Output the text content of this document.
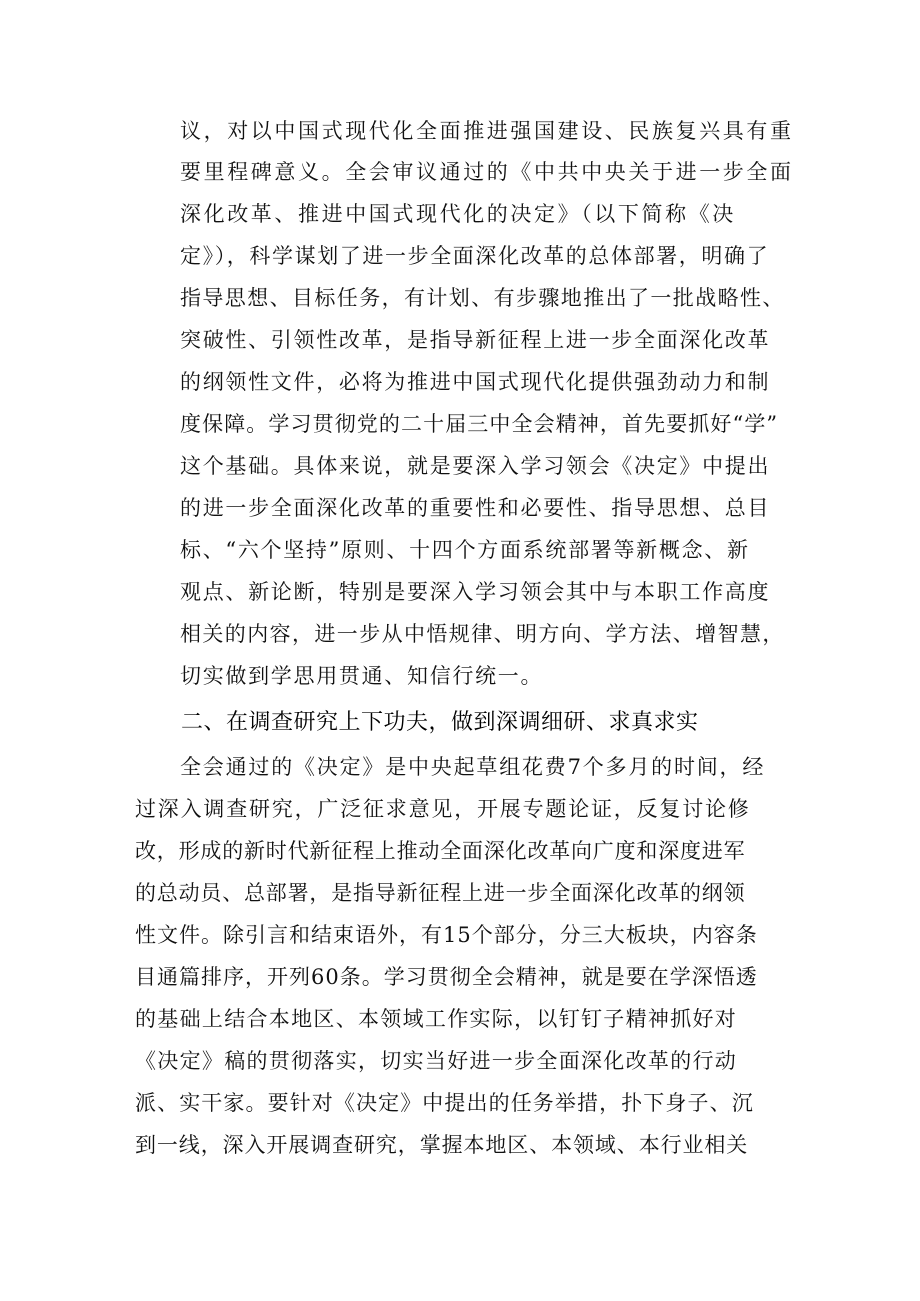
议，对以中国式现代化全面推进强国建设、民族复兴具有重
要里程碑意义。全会审议通过的《中共中央关于进一步全面
深化改革、推进中国式现代化的决定》（以下简称《决
定》），科学谋划了进一步全面深化改革的总体部署，明确了
指导思想、目标任务，有计划、有步骤地推出了一批战略性、
突破性、引领性改革，是指导新征程上进一步全面深化改革
的纲领性文件，必将为推进中国式现代化提供强劲动力和制
度保障。学习贯彻党的二十届三中全会精神，首先要抓好“学”
这个基础。具体来说，就是要深入学习领会《决定》中提出
的进一步全面深化改革的重要性和必要性、指导思想、总目
标、“六个坚持”原则、十四个方面系统部署等新概念、新
观点、新论断，特别是要深入学习领会其中与本职工作高度
相关的内容，进一步从中悟规律、明方向、学方法、增智慧，
切实做到学思用贯通、知信行统一。
二、在调查研究上下功夫，做到深调细研、求真求实
全会通过的《决定》是中央起草组花费7个多月的时间，经
过深入调查研究，广泛征求意见，开展专题论证，反复讨论修
改，形成的新时代新征程上推动全面深化改革向广度和深度进军
的总动员、总部署，是指导新征程上进一步全面深化改革的纲领
性文件。除引言和结束语外，有15个部分，分三大板块，内容条
目通篇排序，开列60条。学习贯彻全会精神，就是要在学深悟透
的基础上结合本地区、本领域工作实际，以钉钉子精神抓好对
《决定》稿的贯彻落实，切实当好进一步全面深化改革的行动
派、实干家。要针对《决定》中提出的任务举措，扑下身子、沉
到一线，深入开展调查研究，掌握本地区、本领域、本行业相关
